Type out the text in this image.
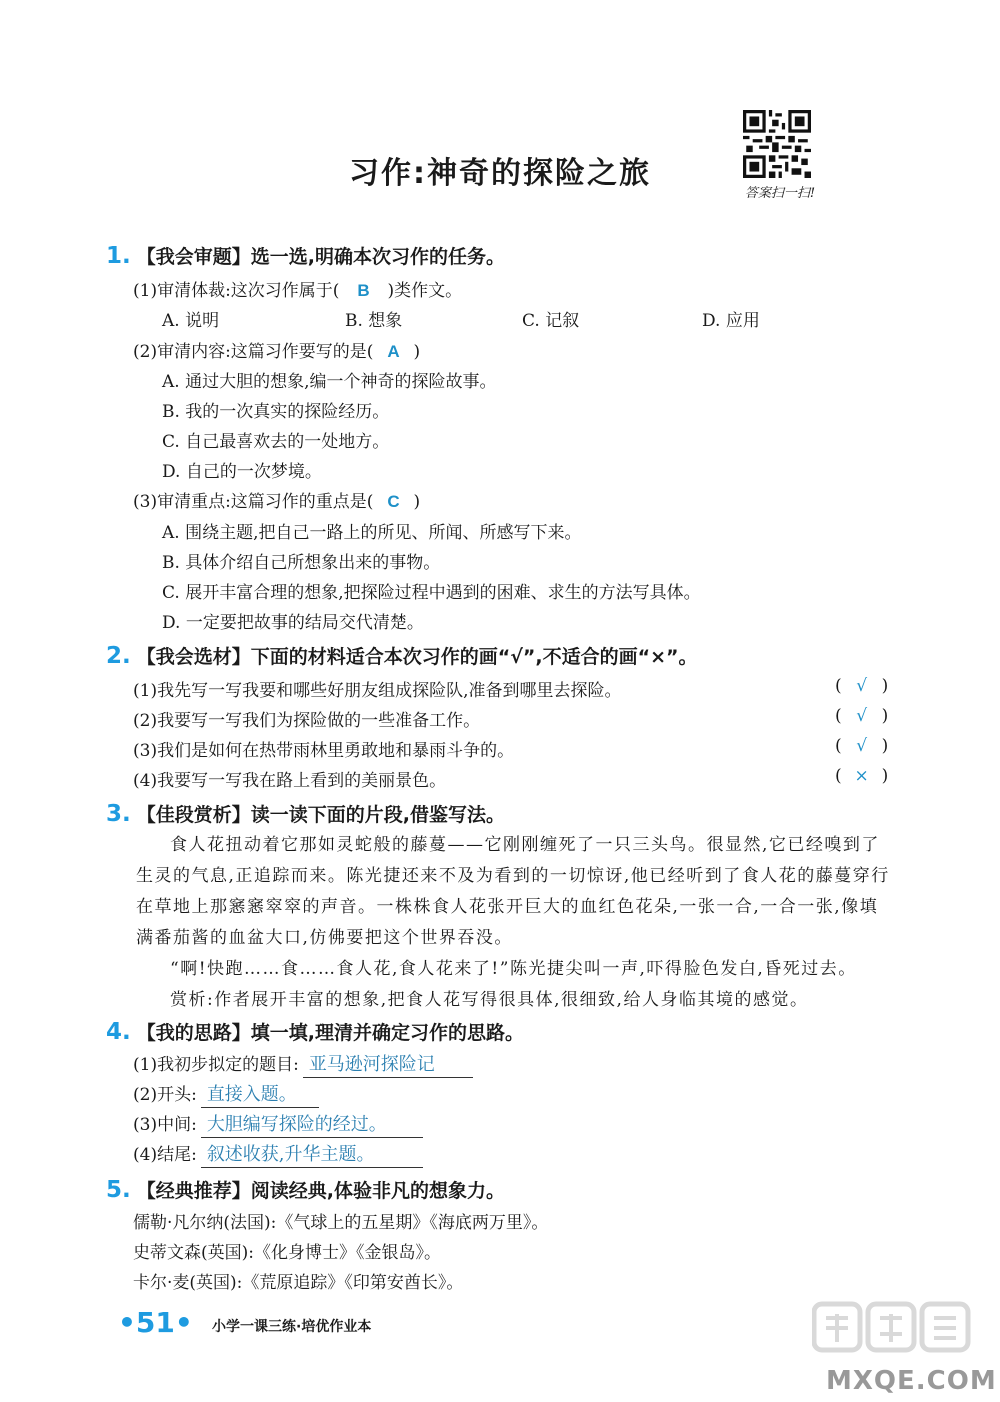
习作:神奇的探险之旅
答案扫一扫!
1. 【我会审题】选一选,明确本次习作的任务。
(1)审清体裁:这次习作属于( B )类作文。
A. 说明	B. 想象	C. 记叙	D. 应用
(2)审清内容:这篇习作要写的是( A )
A. 通过大胆的想象,编一个神奇的探险故事。
B. 我的一次真实的探险经历。
C. 自己最喜欢去的一处地方。
D. 自己的一次梦境。
(3)审清重点:这篇习作的重点是( C )
A. 围绕主题,把自己一路上的所见、所闻、所感写下来。
B. 具体介绍自己所想象出来的事物。
C. 展开丰富合理的想象,把探险过程中遇到的困难、求生的方法写具体。
D. 一定要把故事的结局交代清楚。
2. 【我会选材】下面的材料适合本次习作的画“√”,不适合的画“×”。
(1)我先写一写我要和哪些好朋友组成探险队,准备到哪里去探险。	( √ )
(2)我要写一写我们为探险做的一些准备工作。	( √ )
(3)我们是如何在热带雨林里勇敢地和暴雨斗争的。	( √ )
(4)我要写一写我在路上看到的美丽景色。	( × )
3. 【佳段赏析】读一读下面的片段,借鉴写法。

食人花扭动着它那如灵蛇般的藤蔓——它刚刚缠死了一只三头鸟。很显然,它已经嗅到了生灵的气息,正追踪而来。陈光捷还来不及为看到的一切惊讶,他已经听到了食人花的藤蔓穿行在草地上那窸窸窣窣的声音。一株株食人花张开巨大的血红色花朵,一张一合,一合一张,像填满番茄酱的血盆大口,仿佛要把这个世界吞没。

“啊!快跑……食……食人花,食人花来了!”陈光捷尖叫一声,吓得脸色发白,昏死过去。

赏析:作者展开丰富的想象,把食人花写得很具体,很细致,给人身临其境的感觉。

4. 【我的思路】填一填,理清并确定习作的思路。
(1)我初步拟定的题目: 亚马逊河探险记
(2)开头: 直接入题。
(3)中间: 大胆编写探险的经过。
(4)结尾: 叙述收获,升华主题。
5. 【经典推荐】阅读经典,体验非凡的想象力。
儒勒·凡尔纳(法国):《气球上的五星期》《海底两万里》。
史蒂文森(英国):《化身博士》《金银岛》。
卡尔·麦(英国):《荒原追踪》《印第安酋长》。
•51• 小学一课三练·培优作业本
MXQE.COM
